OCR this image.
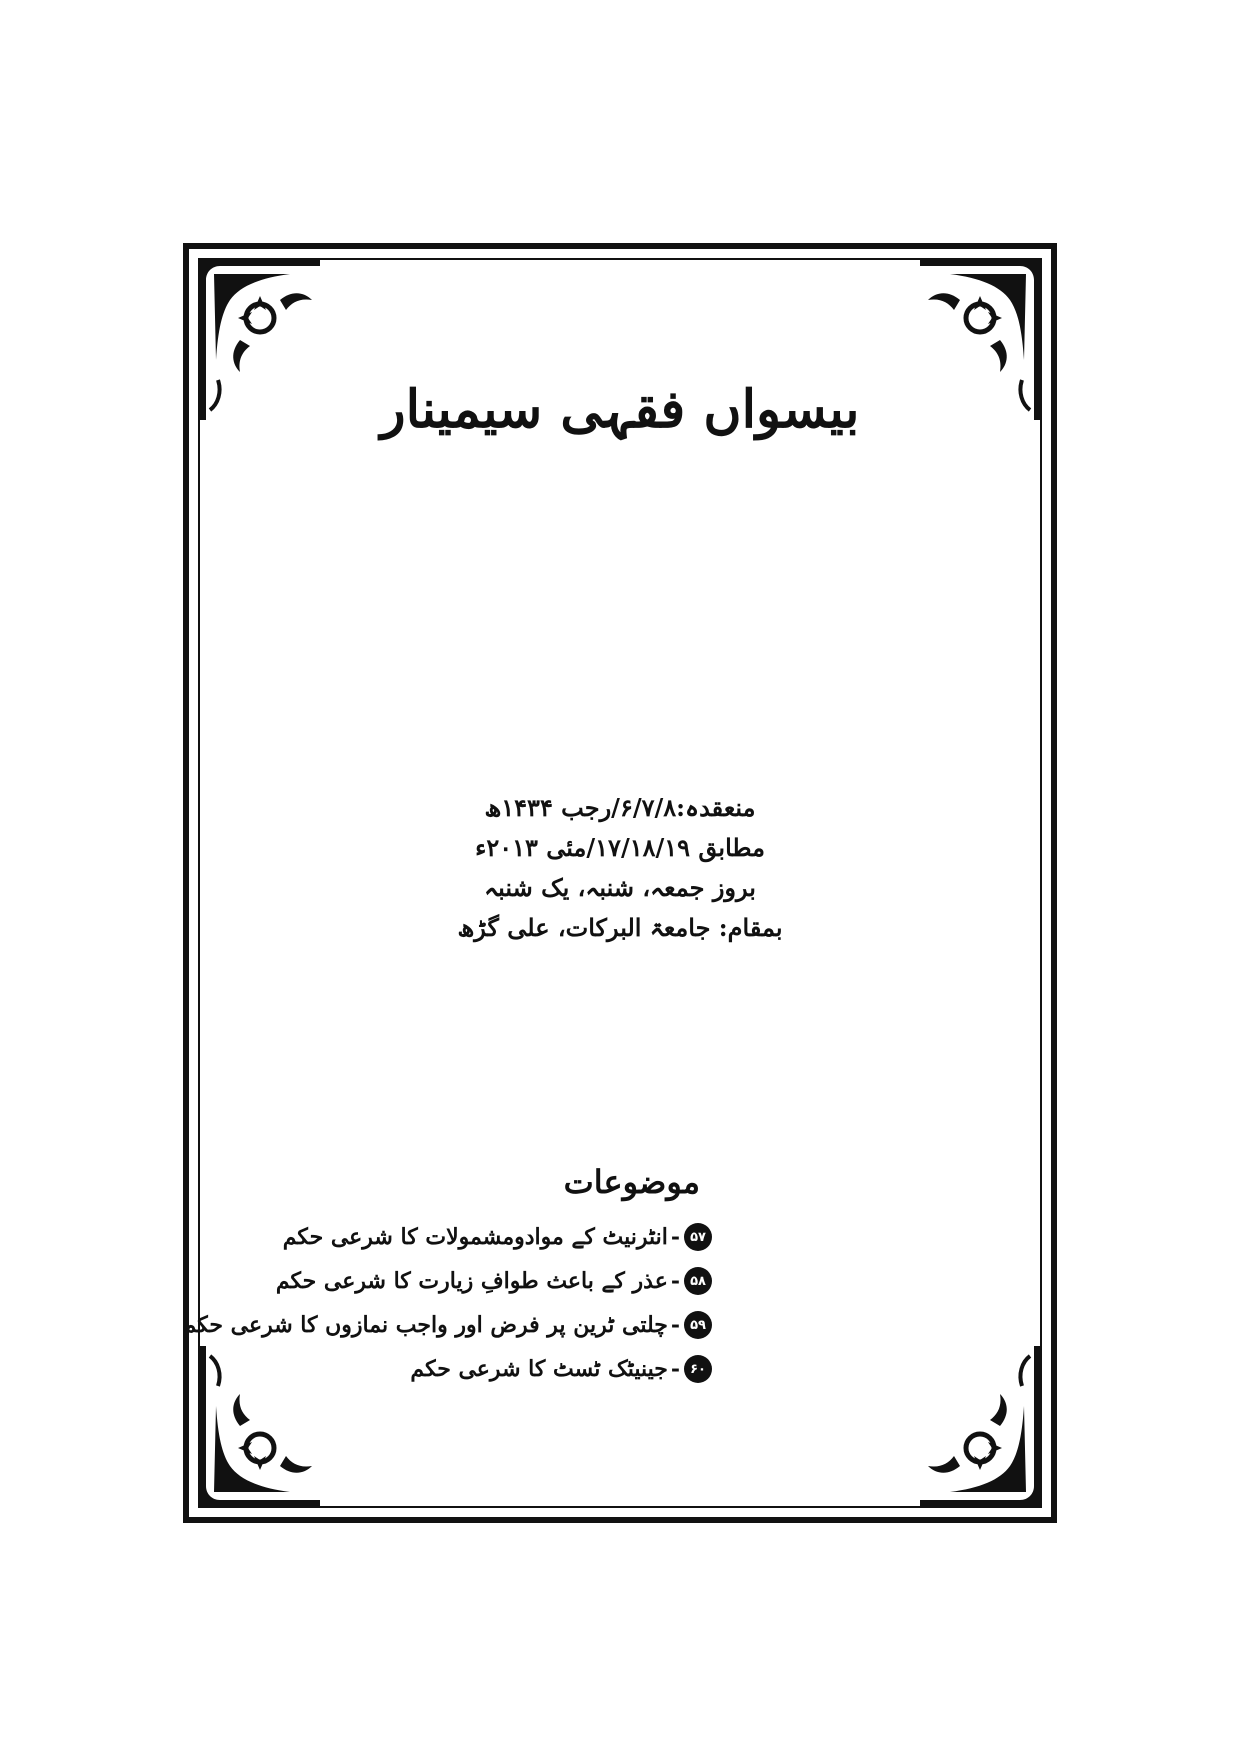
بیسواں فقہی سیمینار
منعقدہ:۶/۷/۸/رجب ۱۴۳۴ھ
مطابق ۱۷/۱۸/۱۹/مئی ۲۰۱۳ء
بروز جمعہ، شنبہ، یک شنبہ
بمقام: جامعۃ البرکات، علی گڑھ
موضوعات
۵۷
-
انٹرنیٹ کے موادومشمولات کا شرعی حکم
۵۸
-
عذر کے باعث طوافِ زیارت کا شرعی حکم
۵۹
-
چلتی ٹرین پر فرض اور واجب نمازوں کا شرعی حکم
۶۰
-
جینیٹک ٹسٹ کا شرعی حکم
